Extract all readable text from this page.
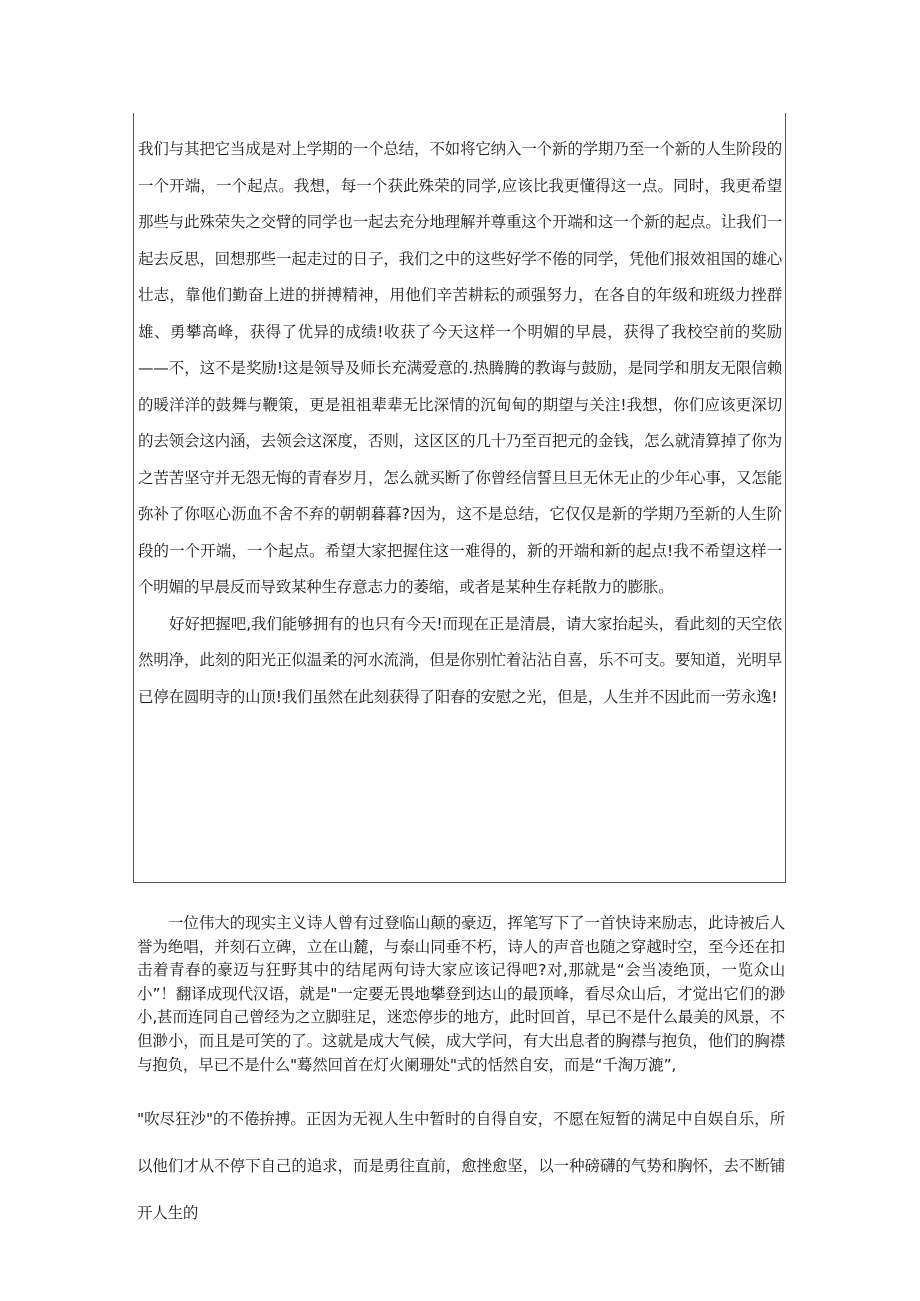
我们与其把它当成是对上学期的一个总结，不如将它纳入一个新的学期乃至一个新的人生阶段的一个开端，一个起点。我想，每一个获此殊荣的同学,应该比我更懂得这一点。同时，我更希望那些与此殊荣失之交臂的同学也一起去充分地理解并尊重这个开端和这一个新的起点。让我们一起去反思，回想那些一起走过的日子，我们之中的这些好学不倦的同学，凭他们报效祖国的雄心壮志，靠他们勤奋上进的拼搏精神，用他们辛苦耕耘的顽强努力，在各自的年级和班级力挫群雄、勇攀高峰，获得了优异的成绩!收获了今天这样一个明媚的早晨，获得了我校空前的奖励——不，这不是奖励!这是领导及师长充满爱意的.热腾腾的教诲与鼓励，是同学和朋友无限信赖的暖洋洋的鼓舞与鞭策，更是祖祖辈辈无比深情的沉甸甸的期望与关注!我想，你们应该更深切的去领会这内涵，去领会这深度，否则，这区区的几十乃至百把元的金钱，怎么就清算掉了你为之苦苦坚守并无怨无悔的青春岁月，怎么就买断了你曾经信誓旦旦无休无止的少年心事，又怎能弥补了你呕心沥血不舍不弃的朝朝暮暮?因为，这不是总结，它仅仅是新的学期乃至新的人生阶段的一个开端，一个起点。希望大家把握住这一难得的，新的开端和新的起点!我不希望这样一个明媚的早晨反而导致某种生存意志力的萎缩，或者是某种生存耗散力的膨胀。

好好把握吧,我们能够拥有的也只有今天!而现在正是清晨，请大家抬起头，看此刻的天空依然明净，此刻的阳光正似温柔的河水流淌，但是你别忙着沾沾自喜，乐不可支。要知道，光明早已停在圆明寺的山顶!我们虽然在此刻获得了阳春的安慰之光，但是，人生并不因此而一劳永逸!

一位伟大的现实主义诗人曾有过登临山颠的豪迈，挥笔写下了一首快诗来励志，此诗被后人誉为绝唱，并刻石立碑，立在山麓，与泰山同垂不朽，诗人的声音也随之穿越时空，至今还在扣击着青春的豪迈与狂野其中的结尾两句诗大家应该记得吧?对,那就是“会当凌绝顶，一览众山小”！翻译成现代汉语，就是"一定要无畏地攀登到达山的最顶峰，看尽众山后，才觉出它们的渺小,甚而连同自己曾经为之立脚驻足，迷恋停步的地方，此时回首，早已不是什么最美的风景，不但渺小，而且是可笑的了。这就是成大气候，成大学问，有大出息者的胸襟与抱负，他们的胸襟与抱负，早已不是什么"蓦然回首在灯火阑珊处"式的恬然自安，而是“千淘万漉”,

"吹尽狂沙"的不倦拚搏。正因为无视人生中暂时的自得自安，不愿在短暂的满足中自娱自乐，所以他们才从不停下自己的追求，而是勇往直前，愈挫愈坚，以一种磅礴的气势和胸怀，去不断铺开人生的
